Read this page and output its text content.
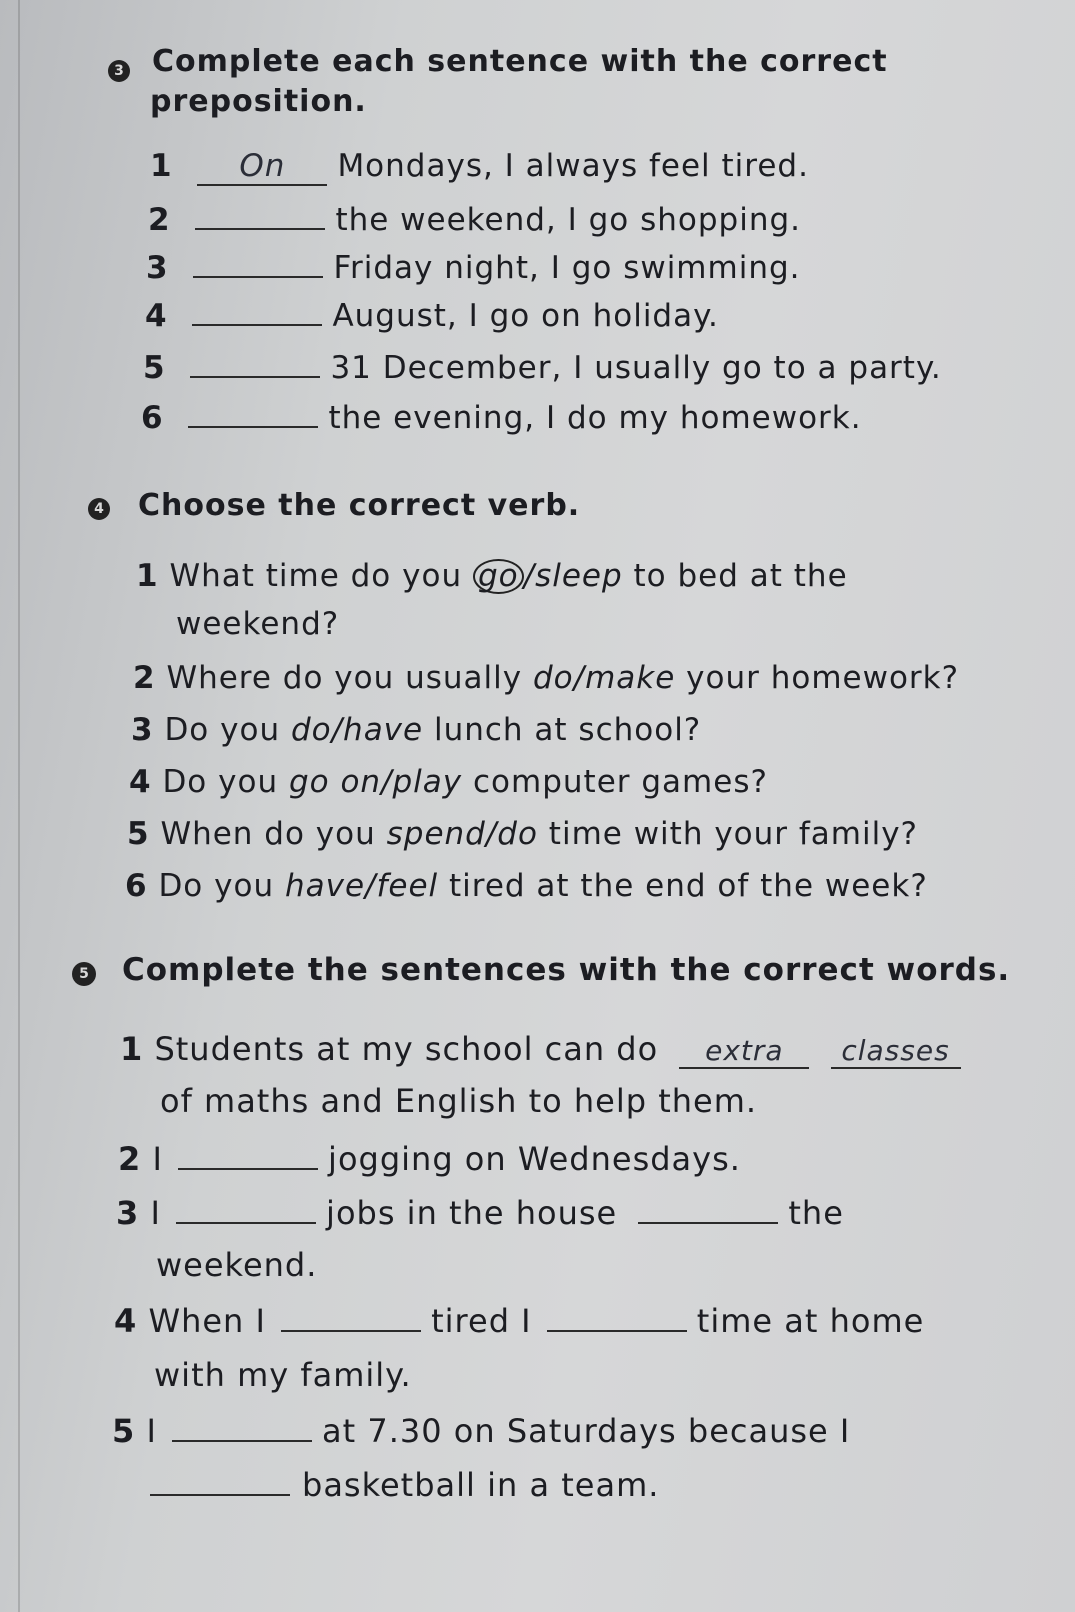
3 Complete each sentence with the correct
preposition.
1 On Mondays, I always feel tired.
2	the weekend, I go shopping.
3	Friday night, I go swimming.
4	August, I go on holiday.
5	31 December, I usually go to a party.
6	the evening, I do my homework.
4 Choose the correct verb.
1 What time do you go /sleep to bed at the
weekend?
2 Where do you usually do/make your homework?
3 Do you do/have lunch at school?
4 Do you go on/play computer games?
5 When do you spend/do time with your family?
6 Do you have/feel tired at the end of the week?
5 Complete the sentences with the correct words.
1 Students at my school can do extra classes
of maths and English to help them.
2 I	jogging on Wednesdays.
3 I	jobs in the house	the
weekend.
4 When I	tired I	time at home
with my family.
5 I	at 7.30 on Saturdays because I
basketball in a team.
